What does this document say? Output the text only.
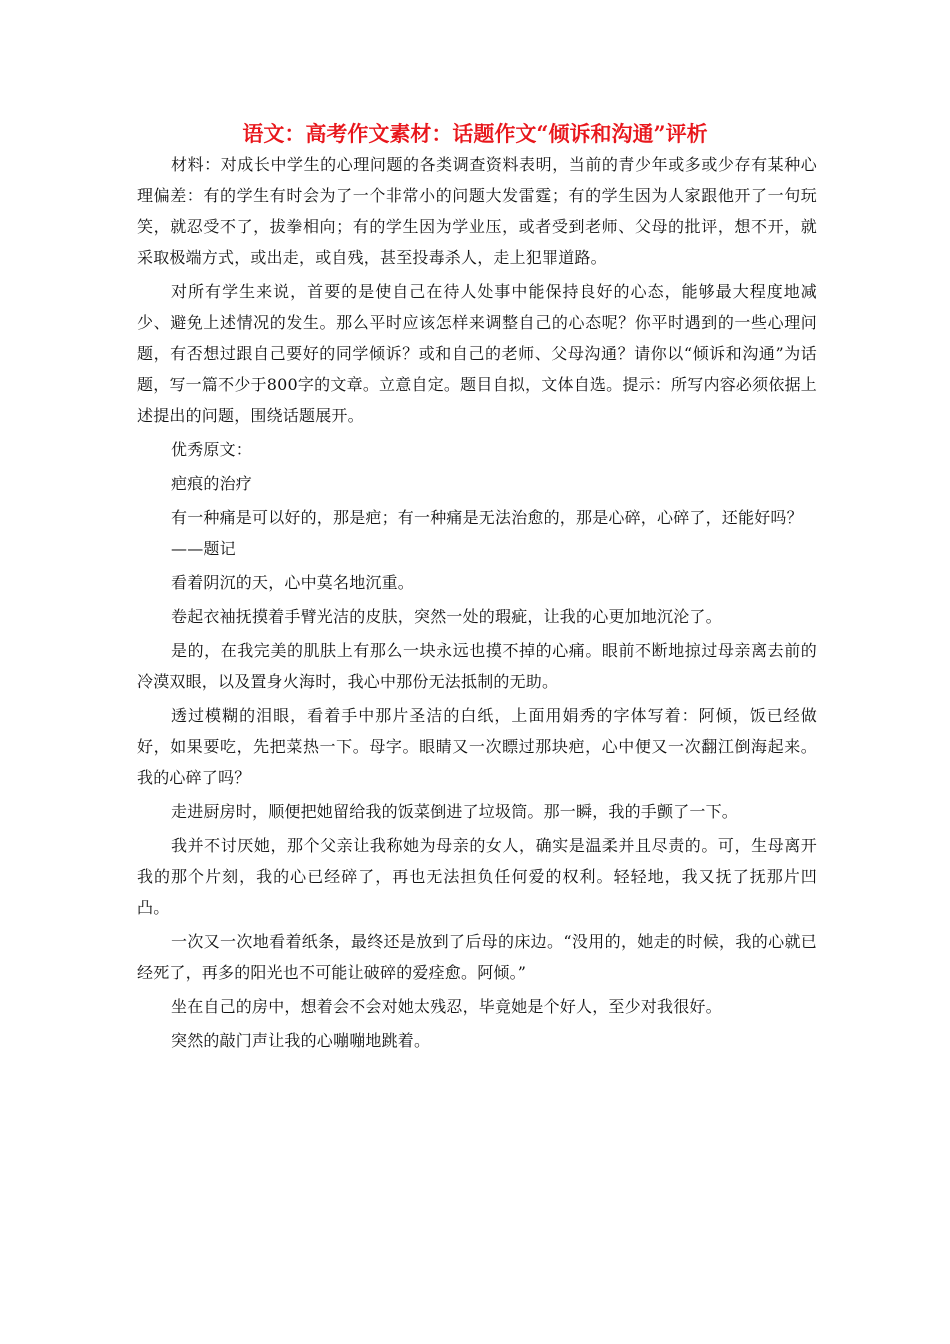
语文：高考作文素材：话题作文“倾诉和沟通”评析

材料：对成长中学生的心理问题的各类调查资料表明，当前的青少年或多或少存有某种心理偏差：有的学生有时会为了一个非常小的问题大发雷霆；有的学生因为人家跟他开了一句玩笑，就忍受不了，拔拳相向；有的学生因为学业压，或者受到老师、父母的批评，想不开，就采取极端方式，或出走，或自残，甚至投毒杀人，走上犯罪道路。

对所有学生来说，首要的是使自己在待人处事中能保持良好的心态，能够最大程度地减少、避免上述情况的发生。那么平时应该怎样来调整自己的心态呢？你平时遇到的一些心理问题，有否想过跟自己要好的同学倾诉？或和自己的老师、父母沟通？请你以“倾诉和沟通”为话题，写一篇不少于800字的文章。立意自定。题目自拟，文体自选。提示：所写内容必须依据上述提出的问题，围绕话题展开。

优秀原文：

疤痕的治疗

有一种痛是可以好的，那是疤；有一种痛是无法治愈的，那是心碎，心碎了，还能好吗？

——题记

看着阴沉的天，心中莫名地沉重。

卷起衣袖抚摸着手臂光洁的皮肤，突然一处的瑕疵，让我的心更加地沉沦了。

是的，在我完美的肌肤上有那么一块永远也摸不掉的心痛。眼前不断地掠过母亲离去前的冷漠双眼，以及置身火海时，我心中那份无法抵制的无助。

透过模糊的泪眼，看着手中那片圣洁的白纸，上面用娟秀的字体写着：阿倾，饭已经做好，如果要吃，先把菜热一下。母字。眼睛又一次瞟过那块疤，心中便又一次翻江倒海起来。我的心碎了吗？

走进厨房时，顺便把她留给我的饭菜倒进了垃圾筒。那一瞬，我的手颤了一下。

我并不讨厌她，那个父亲让我称她为母亲的女人，确实是温柔并且尽责的。可，生母离开我的那个片刻，我的心已经碎了，再也无法担负任何爱的权利。轻轻地，我又抚了抚那片凹凸。

一次又一次地看着纸条，最终还是放到了后母的床边。“没用的，她走的时候，我的心就已经死了，再多的阳光也不可能让破碎的爱痊愈。阿倾。”

坐在自己的房中，想着会不会对她太残忍，毕竟她是个好人，至少对我很好。

突然的敲门声让我的心嘣嘣地跳着。
